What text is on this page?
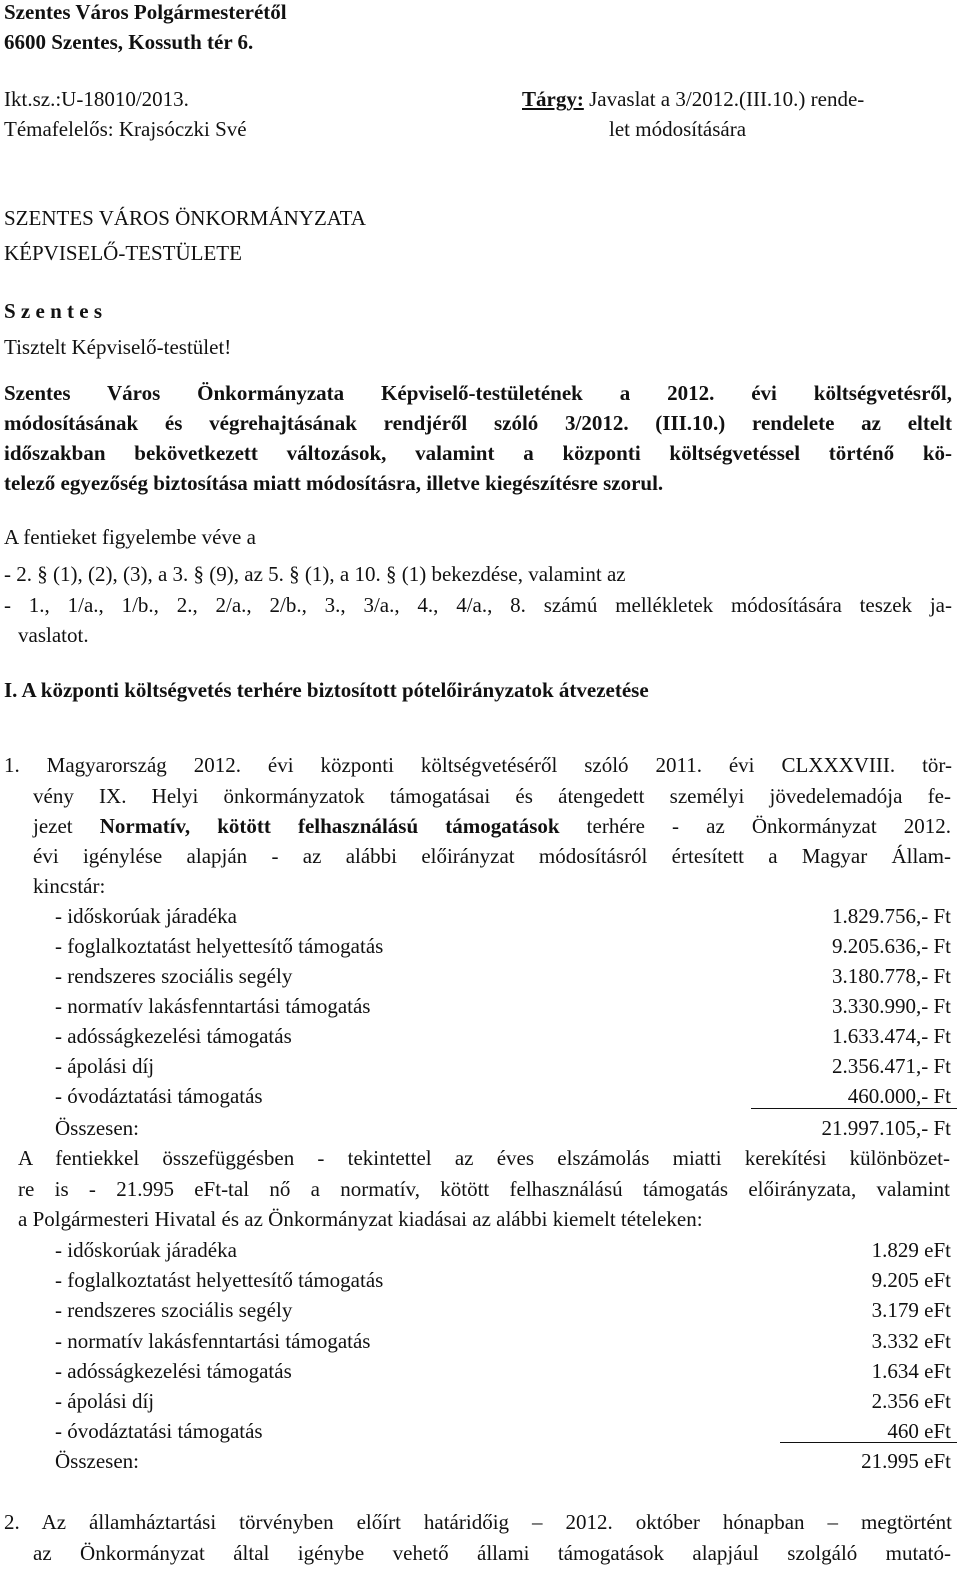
Szentes Város Polgármesterétől
6600 Szentes, Kossuth tér 6.
Ikt.sz.:U-18010/2013.
Témafelelős: Krajsóczki Své
Tárgy: Javaslat a 3/2012.(III.10.) rende-
let módosítására
SZENTES VÁROS ÖNKORMÁNYZATA
KÉPVISELŐ-TESTÜLETE
S z e n t e s
Tisztelt Képviselő-testület!
Szentes Város Önkormányzata Képviselő-testületének a 2012. évi költségvetésről,
módosításának és végrehajtásának rendjéről szóló 3/2012. (III.10.) rendelete az eltelt
időszakban bekövetkezett változások, valamint a központi költségvetéssel történő kö-
telező egyezőség biztosítása miatt módosításra, illetve kiegészítésre szorul.
A fentieket figyelembe véve a
- 2. § (1), (2), (3), a 3. § (9), az 5. § (1), a 10. § (1) bekezdése, valamint az
- 1., 1/a., 1/b., 2., 2/a., 2/b., 3., 3/a., 4., 4/a., 8. számú mellékletek módosítására teszek ja-
vaslatot.
I. A központi költségvetés terhére biztosított pótelőirányzatok átvezetése
1. Magyarország 2012. évi központi költségvetéséről szóló 2011. évi CLXXXVIII. tör-
vény IX. Helyi önkormányzatok támogatásai és átengedett személyi jövedelemadója fe-
jezet Normatív, kötött felhasználású támogatások terhére - az Önkormányzat 2012.
évi igénylése alapján - az alábbi előirányzat módosításról értesített a Magyar Állam-
kincstár:
- időskorúak járadéka	1.829.756,- Ft
- foglalkoztatást helyettesítő támogatás	9.205.636,- Ft
- rendszeres szociális segély	3.180.778,- Ft
- normatív lakásfenntartási támogatás	3.330.990,- Ft
- adósságkezelési támogatás	1.633.474,- Ft
- ápolási díj	2.356.471,- Ft
- óvodáztatási támogatás	460.000,- Ft
Összesen:	21.997.105,- Ft
A fentiekkel összefüggésben - tekintettel az éves elszámolás miatti kerekítési különbözet-
re is - 21.995 eFt-tal nő a normatív, kötött felhasználású támogatás előirányzata, valamint
a Polgármesteri Hivatal és az Önkormányzat kiadásai az alábbi kiemelt tételeken:
- időskorúak járadéka	1.829 eFt
- foglalkoztatást helyettesítő támogatás	9.205 eFt
- rendszeres szociális segély	3.179 eFt
- normatív lakásfenntartási támogatás	3.332 eFt
- adósságkezelési támogatás	1.634 eFt
- ápolási díj	2.356 eFt
- óvodáztatási támogatás	460 eFt
Összesen:	21.995 eFt
2. Az államháztartási törvényben előírt határidőig – 2012. október hónapban – megtörtént
az Önkormányzat által igénybe vehető állami támogatások alapjául szolgáló mutató-
